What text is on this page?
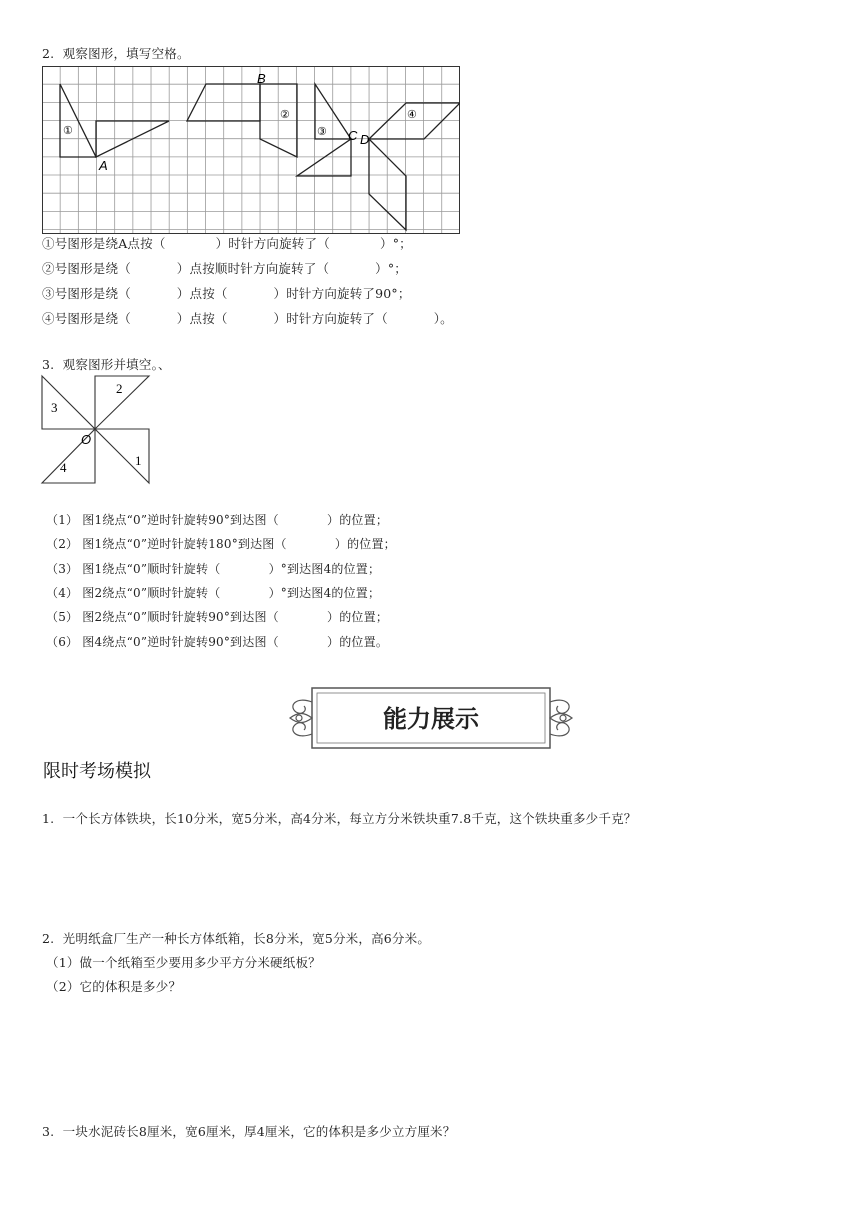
2.  观察图形，填写空格。
B
A
C D
①
②
③
④
①号图形是绕A点按（            ）时针方向旋转了（            ）°；
②号图形是绕（           ）点按顺时针方向旋转了（           ）°；
③号图形是绕（           ）点按（           ）时针方向旋转了90°；
④号图形是绕（           ）点按（           ）时针方向旋转了（           ）。
3.  观察图形并填空。、
2
3
4	1
O
（1） 图1绕点“0”逆时针旋转90°到达图（            ）的位置；
（2） 图1绕点“0”逆时针旋转180°到达图（            ）的位置；
（3） 图1绕点“0”顺时针旋转（            ）°到达图4的位置；
（4） 图2绕点“0”顺时针旋转（            ）°到达图4的位置；
（5） 图2绕点“0”顺时针旋转90°到达图（            ）的位置；
（6） 图4绕点“0”逆时针旋转90°到达图（            ）的位置。
能力展示
限时考场模拟
1.  一个长方体铁块，长10分米，宽5分米，高4分米，每立方分米铁块重7.8千克，这个铁块重多少千克？
2.  光明纸盒厂生产一种长方体纸箱，长8分米，宽5分米，高6分米。
（1）做一个纸箱至少要用多少平方分米硬纸板？
（2）它的体积是多少？
3.  一块水泥砖长8厘米，宽6厘米，厚4厘米，它的体积是多少立方厘米？
